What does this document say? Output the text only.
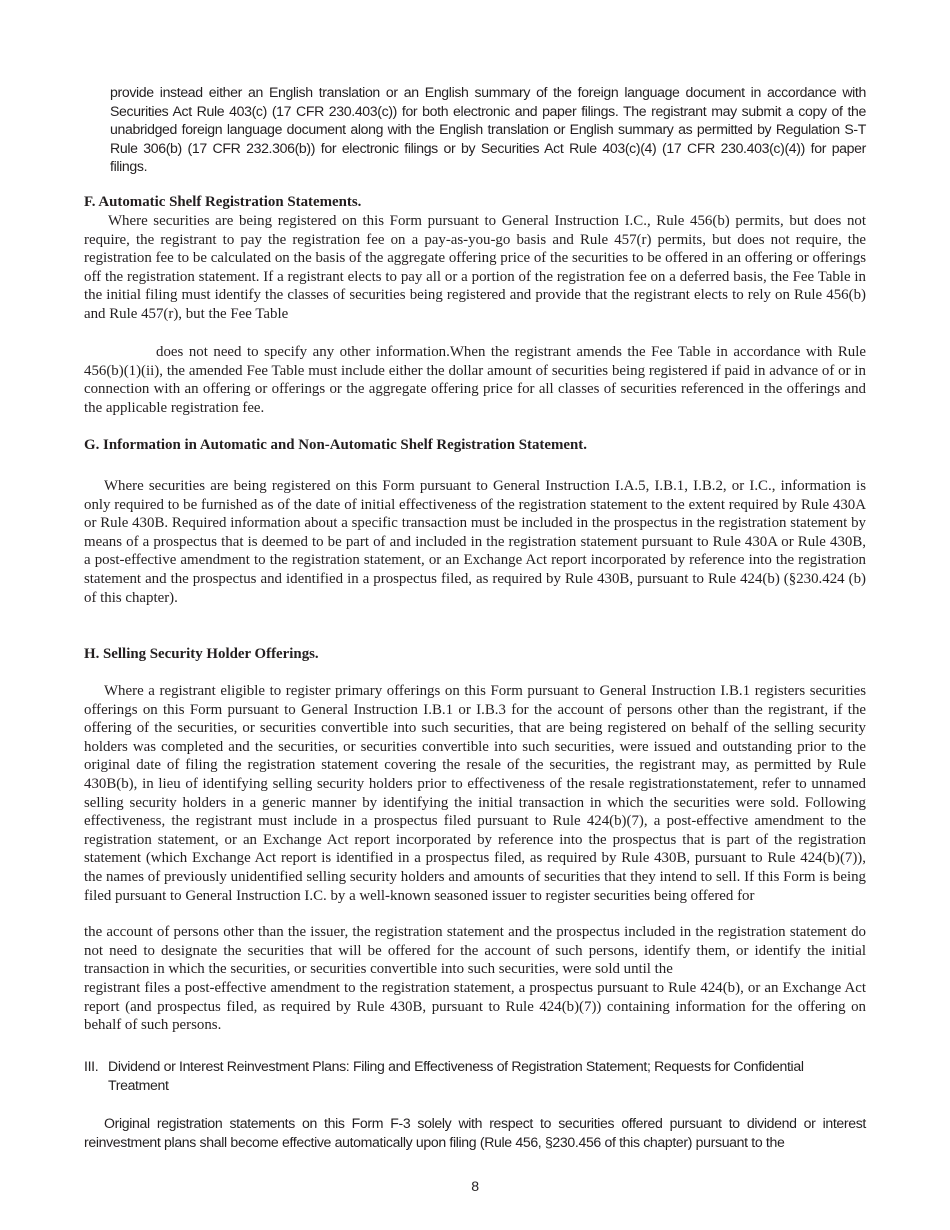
provide instead either an English translation or an English summary of the foreign language document in accordance with Securities Act Rule 403(c) (17 CFR 230.403(c)) for both electronic and paper filings. The registrant may submit a copy of the unabridged foreign language document along with the English translation or English summary as permitted by Regulation S-T Rule 306(b) (17 CFR 232.306(b)) for electronic filings or by Securities Act Rule 403(c)(4) (17 CFR 230.403(c)(4)) for paper filings.

F. Automatic Shelf Registration Statements.

Where securities are being registered on this Form pursuant to General Instruction I.C., Rule 456(b) permits, but does not require, the registrant to pay the registration fee on a pay-as-you-go basis and Rule 457(r) permits, but does not require, the registration fee to be calculated on the basis of the aggregate offering price of the securities to be offered in an offering or offerings off the registration statement. If a registrant elects to pay all or a portion of the registration fee on a deferred basis, the Fee Table in the initial filing must identify the classes of securities being registered and provide that the registrant elects to rely on Rule 456(b) and Rule 457(r), but the Fee Table

does not need to specify any other information.When the registrant amends the Fee Table in accordance with Rule 456(b)(1)(ii), the amended Fee Table must include either the dollar amount of securities being registered if paid in advance of or in connection with an offering or offerings or the aggregate offering price for all classes of securities referenced in the offerings and the applicable registration fee.

G. Information in Automatic and Non-Automatic Shelf Registration Statement.

Where securities are being registered on this Form pursuant to General Instruction I.A.5, I.B.1, I.B.2, or I.C., information is only required to be furnished as of the date of initial effectiveness of the registration statement to the extent required by Rule 430A or Rule 430B. Required information about a specific transaction must be included in the prospectus in the registration statement by means of a prospectus that is deemed to be part of and included in the registration statement pursuant to Rule 430A or Rule 430B, a post-effective amendment to the registration statement, or an Exchange Act report incorporated by reference into the registration statement and the prospectus and identified in a prospectus filed, as required by Rule 430B, pursuant to Rule 424(b) (§230.424 (b) of this chapter).

H. Selling Security Holder Offerings.

Where a registrant eligible to register primary offerings on this Form pursuant to General Instruction I.B.1 registers securities offerings on this Form pursuant to General Instruction I.B.1 or I.B.3 for the account of persons other than the registrant, if the offering of the securities, or securities convertible into such securities, that are being registered on behalf of the selling security holders was completed and the securities, or securities convertible into such securities, were issued and outstanding prior to the original date of filing the registration statement covering the resale of the securities, the registrant may, as permitted by Rule 430B(b), in lieu of identifying selling security holders prior to effectiveness of the resale registrationstatement, refer to unnamed selling security holders in a generic manner by identifying the initial transaction in which the securities were sold. Following effectiveness, the registrant must include in a prospectus filed pursuant to Rule 424(b)(7), a post-effective amendment to the registration statement, or an Exchange Act report incorporated by reference into the prospectus that is part of the registration statement (which Exchange Act report is identified in a prospectus filed, as required by Rule 430B, pursuant to Rule 424(b)(7)), the names of previously unidentified selling security holders and amounts of securities that they intend to sell. If this Form is being filed pursuant to General Instruction I.C. by a well-known seasoned issuer to register securities being offered for

the account of persons other than the issuer, the registration statement and the prospectus included in the registration statement do not need to designate the securities that will be offered for the account of such persons, identify them, or identify the initial transaction in which the securities, or securities convertible into such securities, were sold until the

registrant files a post-effective amendment to the registration statement, a prospectus pursuant to Rule 424(b), or an Exchange Act report (and prospectus filed, as required by Rule 430B, pursuant to Rule 424(b)(7)) containing information for the offering on behalf of such persons.

III. Dividend or Interest Reinvestment Plans: Filing and Effectiveness of Registration Statement; Requests for Confidential Treatment

Original registration statements on this Form F-3 solely with respect to securities offered pursuant to dividend or interest reinvestment plans shall become effective automatically upon filing (Rule 456, §230.456 of this chapter) pursuant to the

8
